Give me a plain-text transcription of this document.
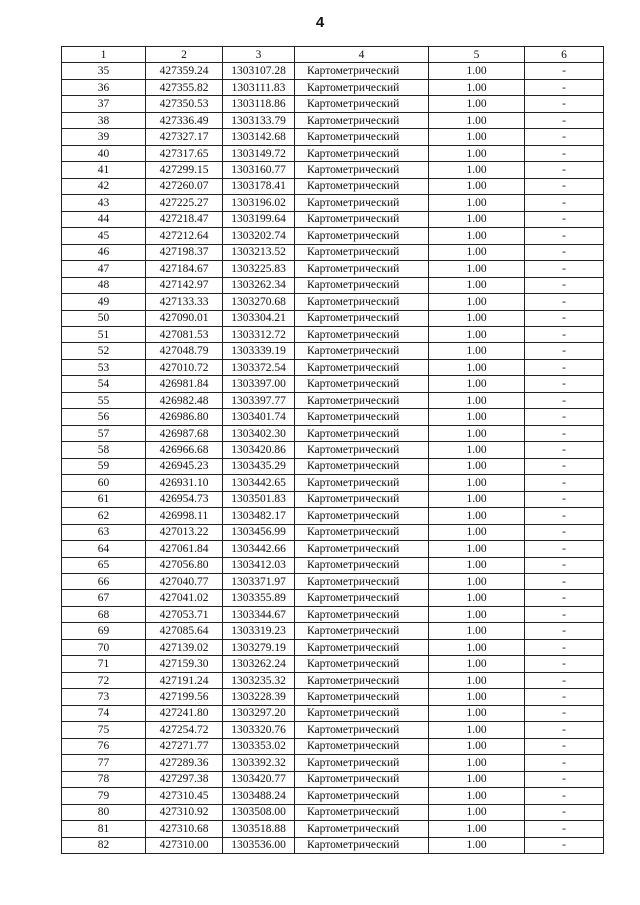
4
1	2	3	4	5	6
35	427359.24	1303107.28	Картометрический	1.00	-
36	427355.82	1303111.83	Картометрический	1.00	-
37	427350.53	1303118.86	Картометрический	1.00	-
38	427336.49	1303133.79	Картометрический	1.00	-
39	427327.17	1303142.68	Картометрический	1.00	-
40	427317.65	1303149.72	Картометрический	1.00	-
41	427299.15	1303160.77	Картометрический	1.00	-
42	427260.07	1303178.41	Картометрический	1.00	-
43	427225.27	1303196.02	Картометрический	1.00	-
44	427218.47	1303199.64	Картометрический	1.00	-
45	427212.64	1303202.74	Картометрический	1.00	-
46	427198.37	1303213.52	Картометрический	1.00	-
47	427184.67	1303225.83	Картометрический	1.00	-
48	427142.97	1303262.34	Картометрический	1.00	-
49	427133.33	1303270.68	Картометрический	1.00	-
50	427090.01	1303304.21	Картометрический	1.00	-
51	427081.53	1303312.72	Картометрический	1.00	-
52	427048.79	1303339.19	Картометрический	1.00	-
53	427010.72	1303372.54	Картометрический	1.00	-
54	426981.84	1303397.00	Картометрический	1.00	-
55	426982.48	1303397.77	Картометрический	1.00	-
56	426986.80	1303401.74	Картометрический	1.00	-
57	426987.68	1303402.30	Картометрический	1.00	-
58	426966.68	1303420.86	Картометрический	1.00	-
59	426945.23	1303435.29	Картометрический	1.00	-
60	426931.10	1303442.65	Картометрический	1.00	-
61	426954.73	1303501.83	Картометрический	1.00	-
62	426998.11	1303482.17	Картометрический	1.00	-
63	427013.22	1303456.99	Картометрический	1.00	-
64	427061.84	1303442.66	Картометрический	1.00	-
65	427056.80	1303412.03	Картометрический	1.00	-
66	427040.77	1303371.97	Картометрический	1.00	-
67	427041.02	1303355.89	Картометрический	1.00	-
68	427053.71	1303344.67	Картометрический	1.00	-
69	427085.64	1303319.23	Картометрический	1.00	-
70	427139.02	1303279.19	Картометрический	1.00	-
71	427159.30	1303262.24	Картометрический	1.00	-
72	427191.24	1303235.32	Картометрический	1.00	-
73	427199.56	1303228.39	Картометрический	1.00	-
74	427241.80	1303297.20	Картометрический	1.00	-
75	427254.72	1303320.76	Картометрический	1.00	-
76	427271.77	1303353.02	Картометрический	1.00	-
77	427289.36	1303392.32	Картометрический	1.00	-
78	427297.38	1303420.77	Картометрический	1.00	-
79	427310.45	1303488.24	Картометрический	1.00	-
80	427310.92	1303508.00	Картометрический	1.00	-
81	427310.68	1303518.88	Картометрический	1.00	-
82	427310.00	1303536.00	Картометрический	1.00	-
